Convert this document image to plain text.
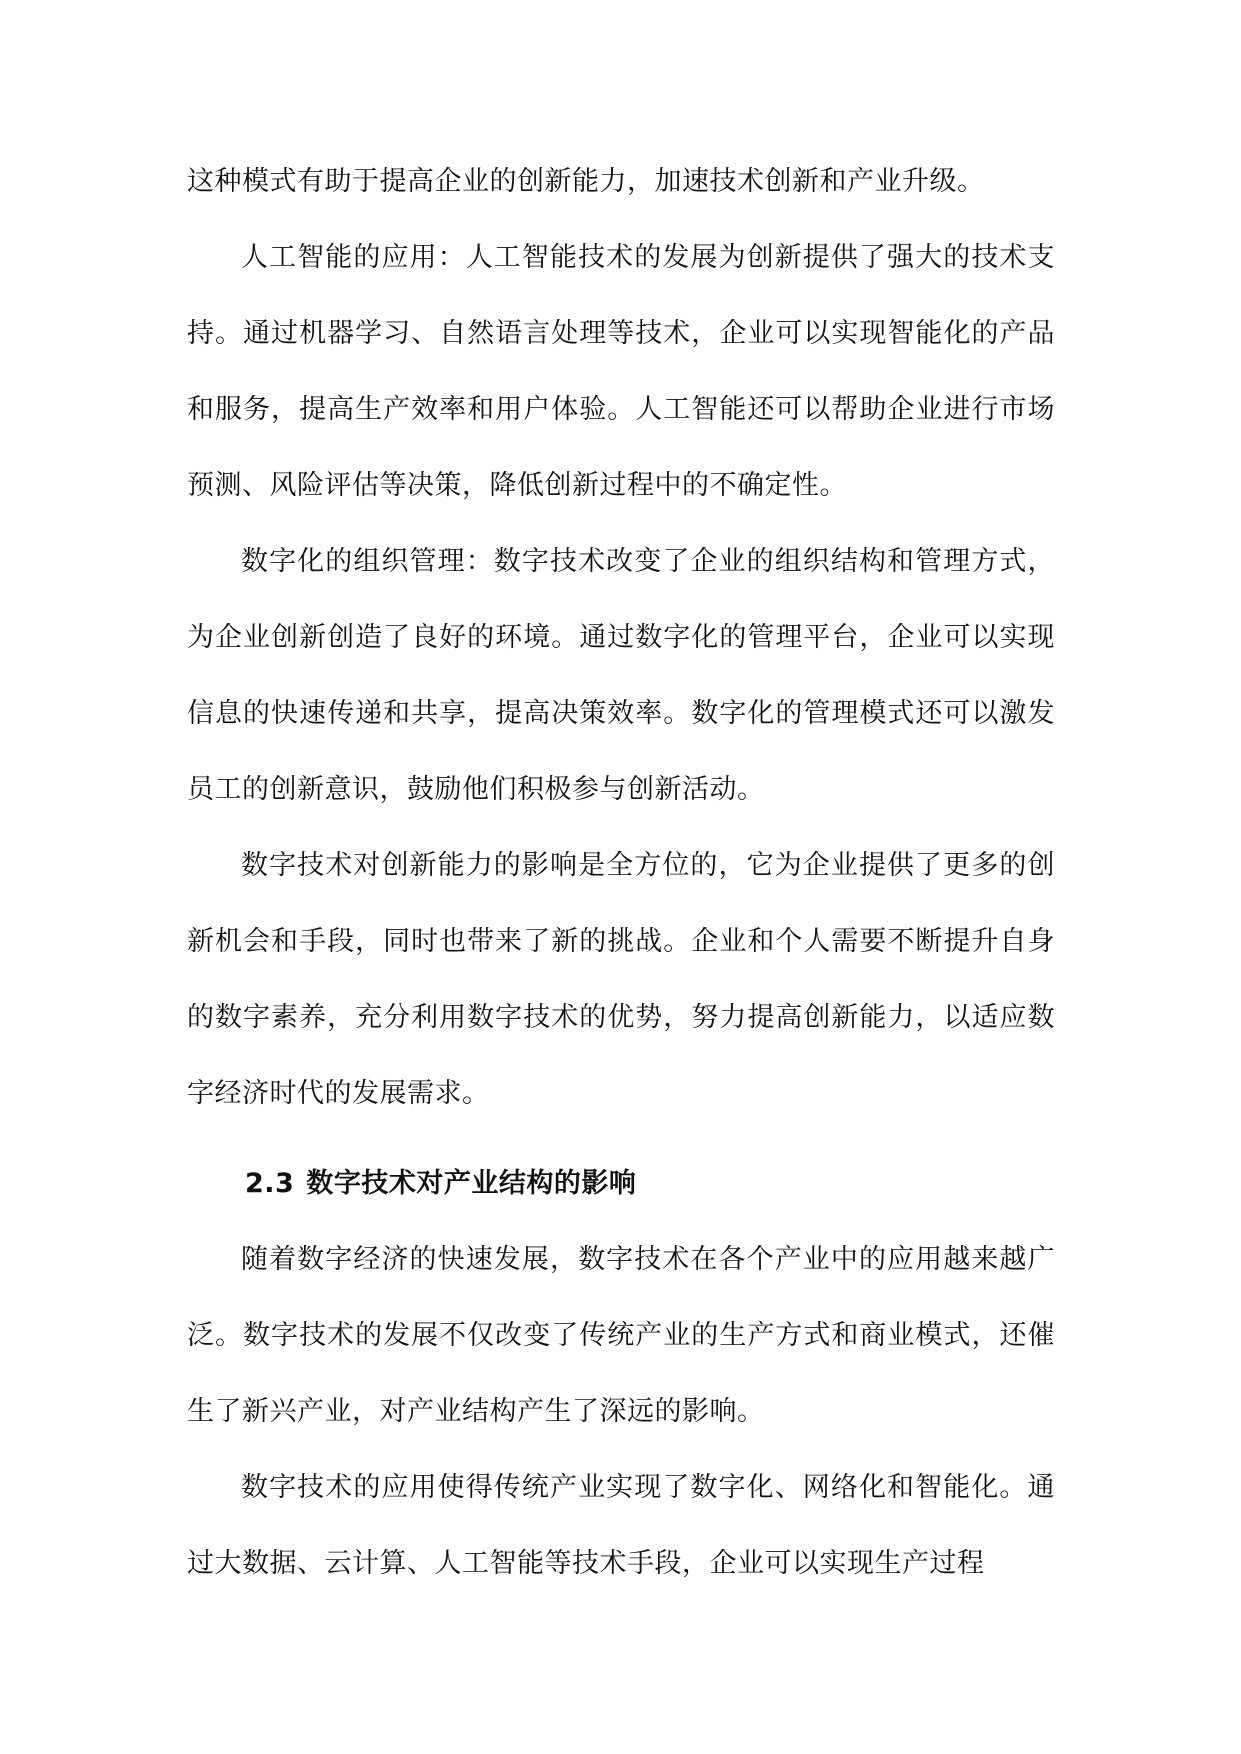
这种模式有助于提高企业的创新能力，加速技术创新和产业升级。

人工智能的应用：人工智能技术的发展为创新提供了强大的技术支持。通过机器学习、自然语言处理等技术，企业可以实现智能化的产品和服务，提高生产效率和用户体验。人工智能还可以帮助企业进行市场预测、风险评估等决策，降低创新过程中的不确定性。

数字化的组织管理：数字技术改变了企业的组织结构和管理方式，为企业创新创造了良好的环境。通过数字化的管理平台，企业可以实现信息的快速传递和共享，提高决策效率。数字化的管理模式还可以激发员工的创新意识，鼓励他们积极参与创新活动。

数字技术对创新能力的影响是全方位的，它为企业提供了更多的创新机会和手段，同时也带来了新的挑战。企业和个人需要不断提升自身的数字素养，充分利用数字技术的优势，努力提高创新能力，以适应数字经济时代的发展需求。

2.3 数字技术对产业结构的影响

随着数字经济的快速发展，数字技术在各个产业中的应用越来越广泛。数字技术的发展不仅改变了传统产业的生产方式和商业模式，还催生了新兴产业，对产业结构产生了深远的影响。

数字技术的应用使得传统产业实现了数字化、网络化和智能化。通过大数据、云计算、人工智能等技术手段，企业可以实现生产过程
